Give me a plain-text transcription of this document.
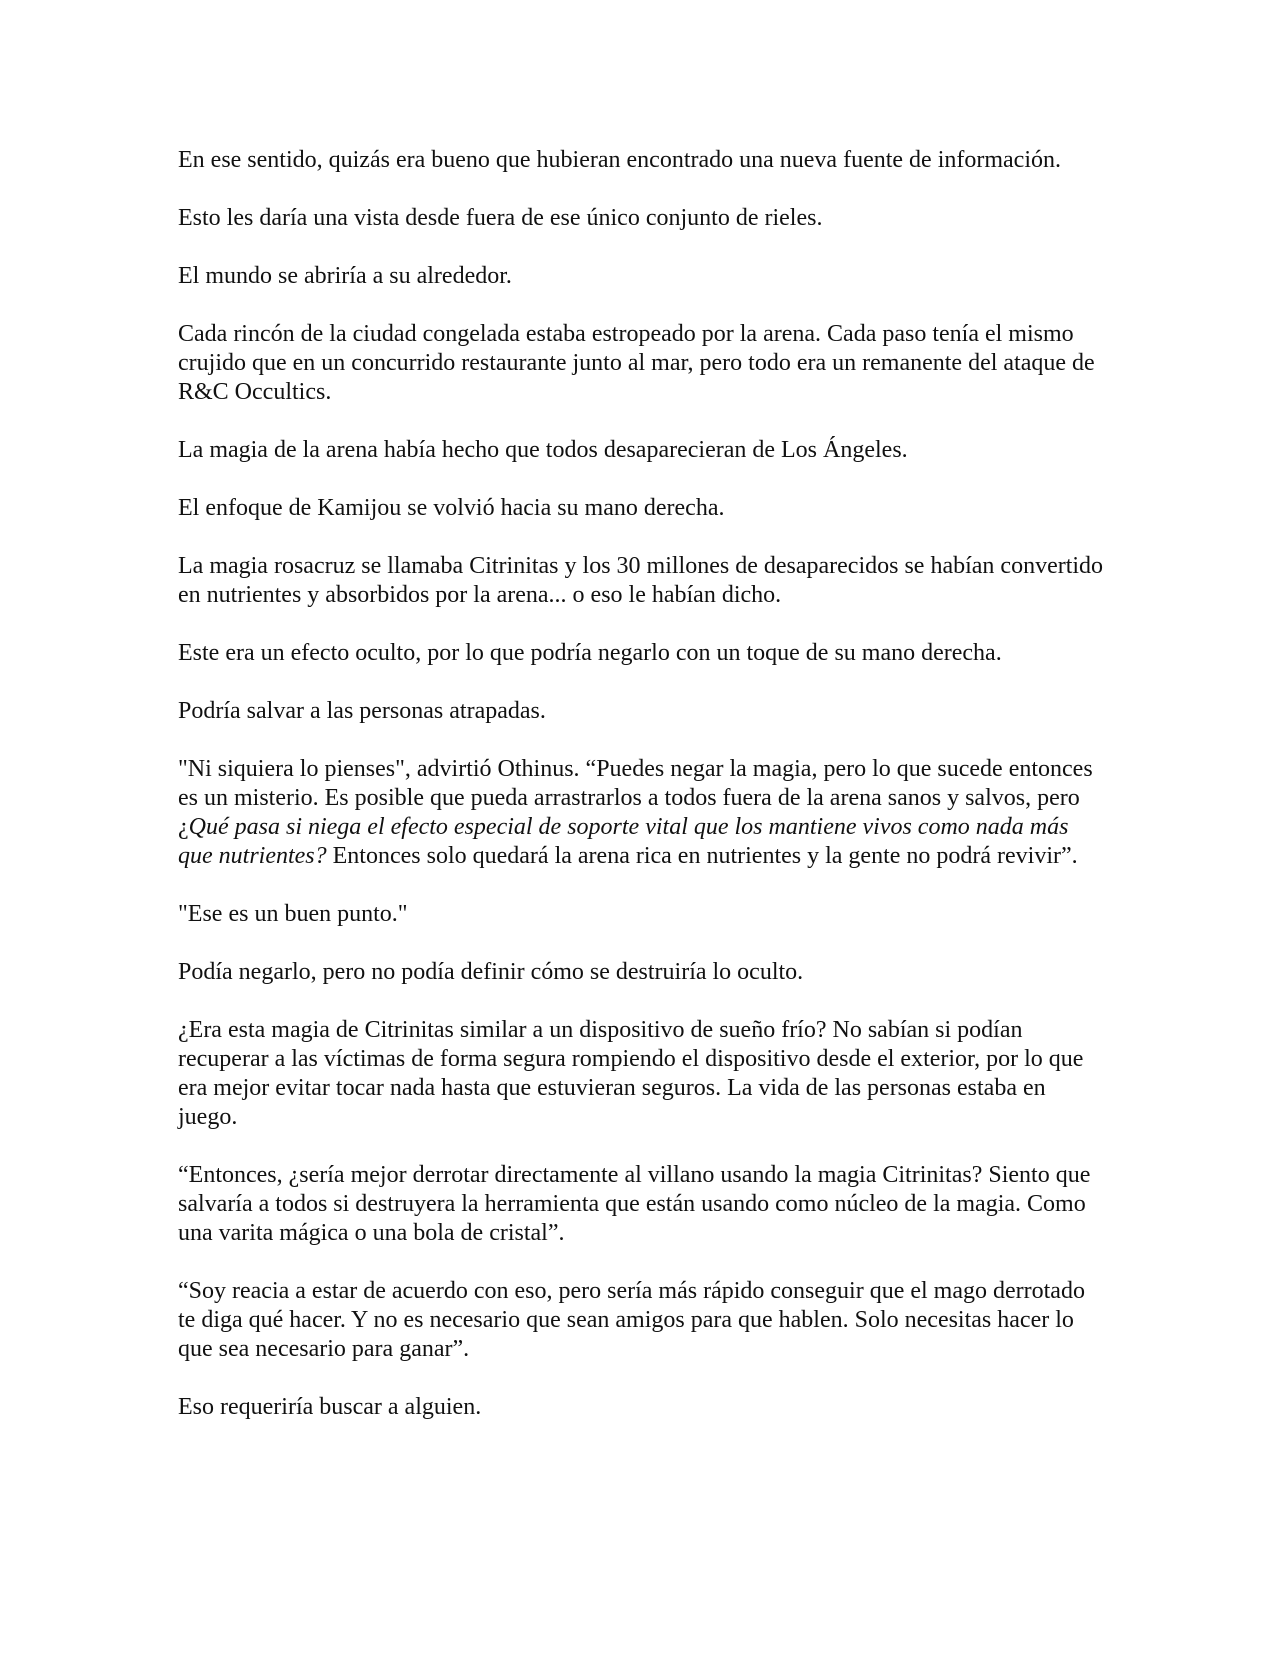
En ese sentido, quizás era bueno que hubieran encontrado una nueva fuente de información.

Esto les daría una vista desde fuera de ese único conjunto de rieles.

El mundo se abriría a su alrededor.

Cada rincón de la ciudad congelada estaba estropeado por la arena. Cada paso tenía el mismo crujido que en un concurrido restaurante junto al mar, pero todo era un remanente del ataque de R&C Occultics.

La magia de la arena había hecho que todos desaparecieran de Los Ángeles.

El enfoque de Kamijou se volvió hacia su mano derecha.

La magia rosacruz se llamaba Citrinitas y los 30 millones de desaparecidos se habían convertido en nutrientes y absorbidos por la arena... o eso le habían dicho.

Este era un efecto oculto, por lo que podría negarlo con un toque de su mano derecha.

Podría salvar a las personas atrapadas.

"Ni siquiera lo pienses", advirtió Othinus. “Puedes negar la magia, pero lo que sucede entonces es un misterio. Es posible que pueda arrastrarlos a todos fuera de la arena sanos y salvos, pero ¿Qué pasa si niega el efecto especial de soporte vital que los mantiene vivos como nada más que nutrientes? Entonces solo quedará la arena rica en nutrientes y la gente no podrá revivir”.

"Ese es un buen punto."

Podía negarlo, pero no podía definir cómo se destruiría lo oculto.

¿Era esta magia de Citrinitas similar a un dispositivo de sueño frío? No sabían si podían recuperar a las víctimas de forma segura rompiendo el dispositivo desde el exterior, por lo que era mejor evitar tocar nada hasta que estuvieran seguros. La vida de las personas estaba en juego.

“Entonces, ¿sería mejor derrotar directamente al villano usando la magia Citrinitas? Siento que salvaría a todos si destruyera la herramienta que están usando como núcleo de la magia. Como una varita mágica o una bola de cristal”.

“Soy reacia a estar de acuerdo con eso, pero sería más rápido conseguir que el mago derrotado te diga qué hacer. Y no es necesario que sean amigos para que hablen. Solo necesitas hacer lo que sea necesario para ganar”.

Eso requeriría buscar a alguien.
